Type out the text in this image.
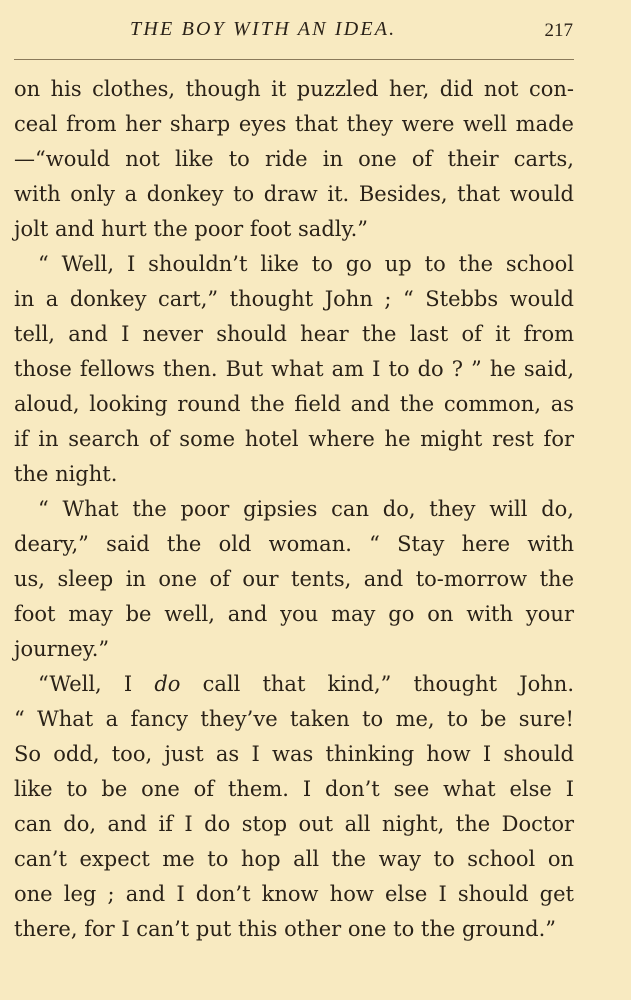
THE BOY WITH AN IDEA.	217
on his clothes, though it puzzled her, did not con-
ceal from her sharp eyes that they were well made
—“would not like to ride in one of their carts,
with only a donkey to draw it. Besides, that would
jolt and hurt the poor foot sadly.”
“ Well, I shouldn’t like to go up to the school
in a donkey cart,” thought John ; “ Stebbs would
tell, and I never should hear the last of it from
those fellows then. But what am I to do ? ” he said,
aloud, looking round the field and the common, as
if in search of some hotel where he might rest for
the night.
“ What the poor gipsies can do, they will do,
deary,” said the old woman. “ Stay here with
us, sleep in one of our tents, and to-morrow the
foot may be well, and you may go on with your
journey.”
“Well, I do call that kind,” thought John.
“ What a fancy they’ve taken to me, to be sure!
So odd, too, just as I was thinking how I should
like to be one of them. I don’t see what else I
can do, and if I do stop out all night, the Doctor
can’t expect me to hop all the way to school on
one leg ; and I don’t know how else I should get
there, for I can’t put this other one to the ground.”
